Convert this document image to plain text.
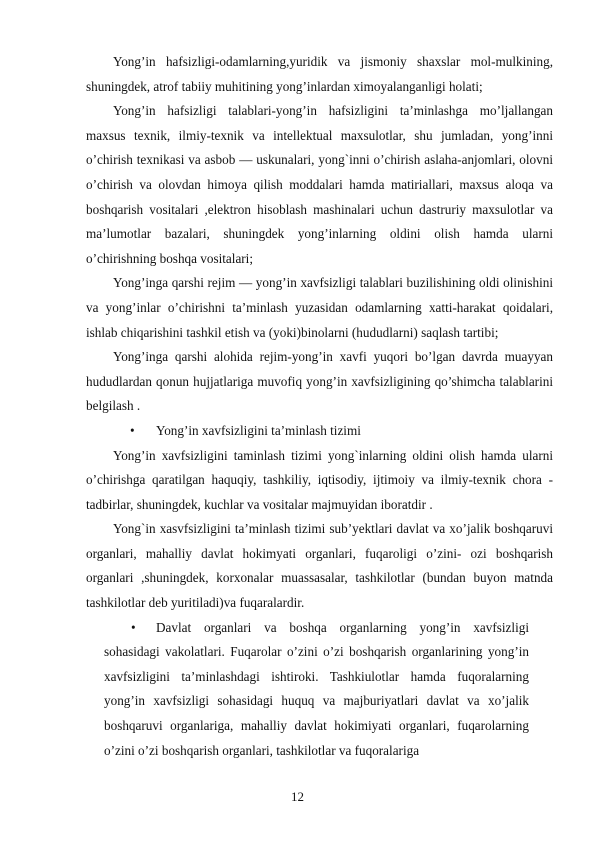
Yong’in hafsizligi-odamlarning,yuridik va jismoniy shaxslar mol-mulkining, shuningdek, atrof tabiiy muhitining yong’inlardan ximoyalanganligi holati;

Yong’in hafsizligi talablari-yong’in hafsizligini ta’minlashga mo’ljallangan maxsus texnik, ilmiy-texnik va intellektual maxsulotlar, shu jumladan, yong’inni o’chirish texnikasi va asbob — uskunalari, yong`inni o’chirish aslaha-anjomlari, olovni o’chirish va olovdan himoya qilish moddalari hamda matiriallari, maxsus aloqa va boshqarish vositalari ,elektron hisoblash mashinalari uchun dastruriy maxsulotlar va ma’lumotlar bazalari, shuningdek yong’inlarning oldini olish hamda ularni o’chirishning boshqa vositalari;

Yong’inga qarshi rejim — yong’in xavfsizligi talablari buzilishining oldi olinishini va yong’inlar o’chirishni ta’minlash yuzasidan odamlarning xatti-harakat qoidalari, ishlab chiqarishini tashkil etish va (yoki)binolarni (hududlarni) saqlash tartibi;

Yong’inga qarshi alohida rejim-yong’in xavfi yuqori bo’lgan davrda muayyan hududlardan qonun hujjatlariga muvofiq yong’in xavfsizligining qo’shimcha talablarini belgilash .

• Yong’in xavfsizligini ta’minlash tizimi

Yong’in xavfsizligini taminlash tizimi yong`inlarning oldini olish hamda ularni o’chirishga qaratilgan haquqiy, tashkiliy, iqtisodiy, ijtimoiy va ilmiy-texnik chora -tadbirlar, shuningdek, kuchlar va vositalar majmuyidan iboratdir .

Yong`in xasvfsizligini ta’minlash tizimi sub’yektlari davlat va xo’jalik boshqaruvi organlari, mahalliy davlat hokimyati organlari, fuqaroligi o’zini- ozi boshqarish organlari ,shuningdek, korxonalar muassasalar, tashkilotlar (bundan buyon matnda tashkilotlar deb yuritiladi)va fuqaralardir.

• Davlat organlari va boshqa organlarning yong’in xavfsizligi sohasidagi vakolatlari. Fuqarolar o’zini o’zi boshqarish organlarining yong’in xavfsizligini ta’minlashdagi ishtiroki. Tashkiulotlar hamda fuqoralarning yong’in xavfsizligi sohasidagi huquq va majburiyatlari davlat va xo’jalik boshqaruvi organlariga, mahalliy davlat hokimiyati organlari, fuqarolarning o’zini o’zi boshqarish organlari, tashkilotlar va fuqoralariga

12
